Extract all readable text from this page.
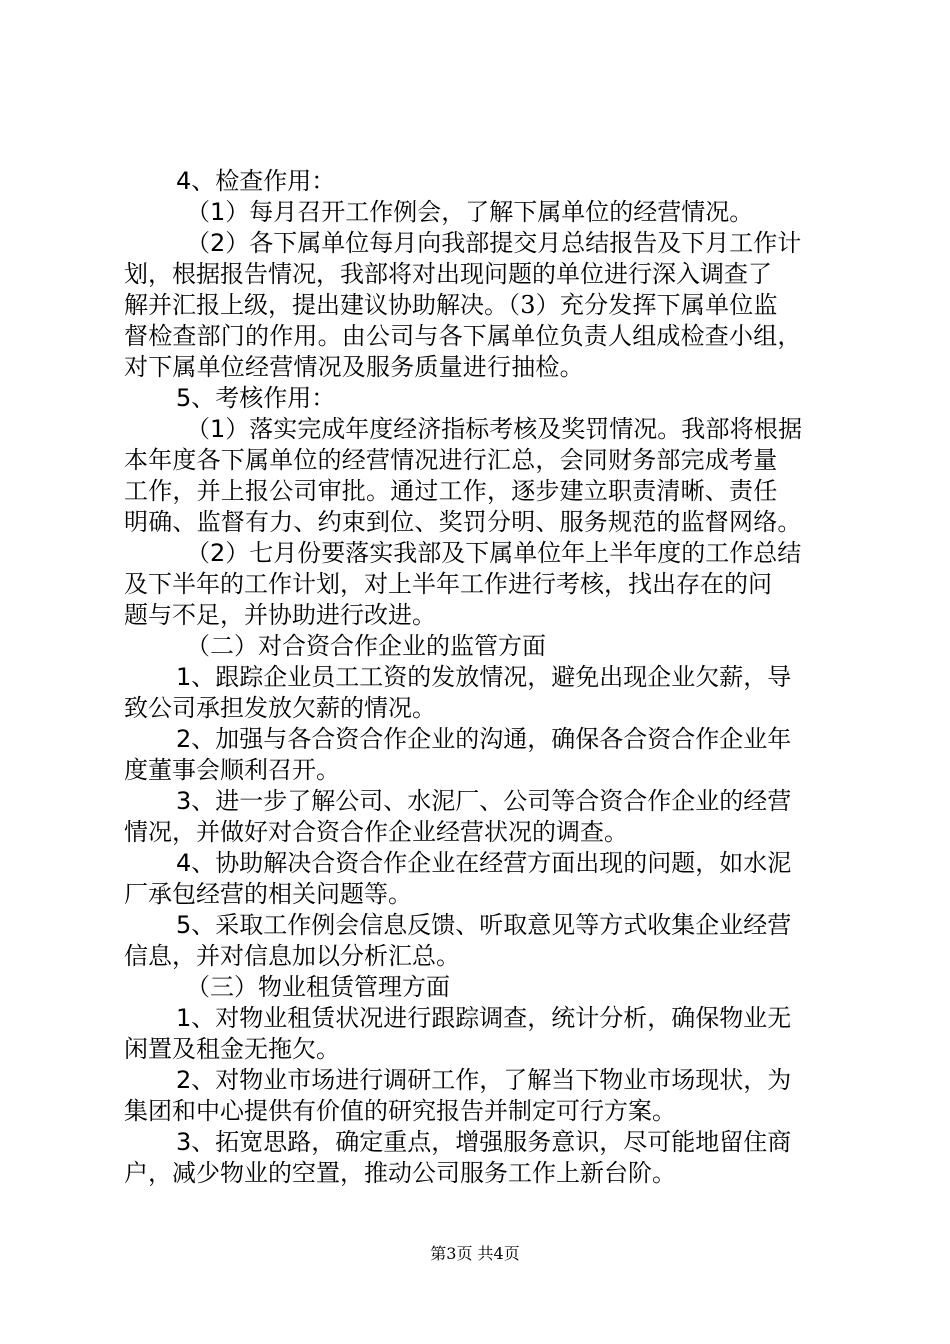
4、检查作用：
（1）每月召开工作例会，了解下属单位的经营情况。
（2）各下属单位每月向我部提交月总结报告及下月工作计
划，根据报告情况，我部将对出现问题的单位进行深入调查了
解并汇报上级，提出建议协助解决。（3）充分发挥下属单位监
督检查部门的作用。由公司与各下属单位负责人组成检查小组，
对下属单位经营情况及服务质量进行抽检。
5、考核作用：
（1）落实完成年度经济指标考核及奖罚情况。我部将根据
本年度各下属单位的经营情况进行汇总，会同财务部完成考量
工作，并上报公司审批。通过工作，逐步建立职责清晰、责任
明确、监督有力、约束到位、奖罚分明、服务规范的监督网络。
（2）七月份要落实我部及下属单位年上半年度的工作总结
及下半年的工作计划，对上半年工作进行考核，找出存在的问
题与不足，并协助进行改进。
（二）对合资合作企业的监管方面
1、跟踪企业员工工资的发放情况，避免出现企业欠薪，导
致公司承担发放欠薪的情况。
2、加强与各合资合作企业的沟通，确保各合资合作企业年
度董事会顺利召开。
3、进一步了解公司、水泥厂、公司等合资合作企业的经营
情况，并做好对合资合作企业经营状况的调查。
4、协助解决合资合作企业在经营方面出现的问题，如水泥
厂承包经营的相关问题等。
5、采取工作例会信息反馈、听取意见等方式收集企业经营
信息，并对信息加以分析汇总。
（三）物业租赁管理方面
1、对物业租赁状况进行跟踪调查，统计分析，确保物业无
闲置及租金无拖欠。
2、对物业市场进行调研工作，了解当下物业市场现状，为
集团和中心提供有价值的研究报告并制定可行方案。
3、拓宽思路，确定重点，增强服务意识，尽可能地留住商
户，减少物业的空置，推动公司服务工作上新台阶。
第3页 共4页
